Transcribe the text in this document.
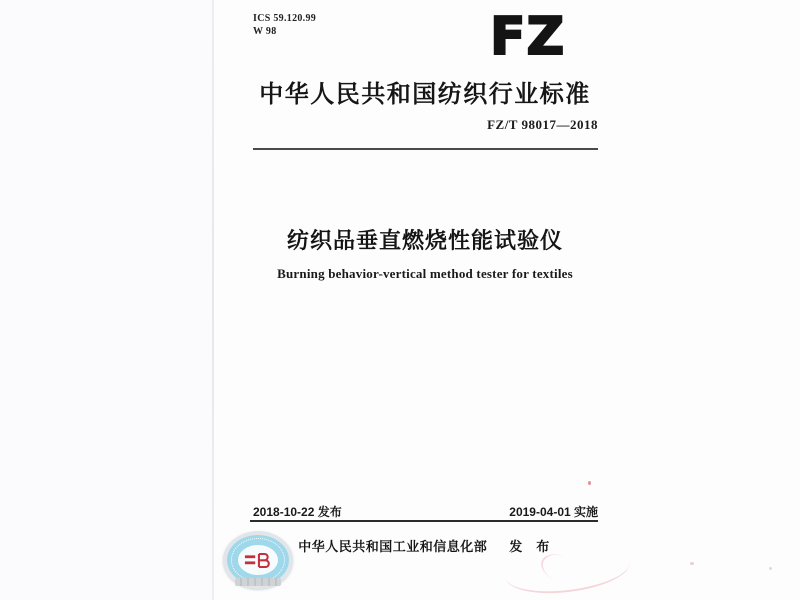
ICS 59.120.99
W 98	FZ
中华人民共和国纺织行业标准
FZ/T 98017—2018
纺织品垂直燃烧性能试验仪
Burning behavior-vertical method tester for textiles
2018-10-22 发布	2019-04-01 实施
中华人民共和国工业和信息化部 发　布
